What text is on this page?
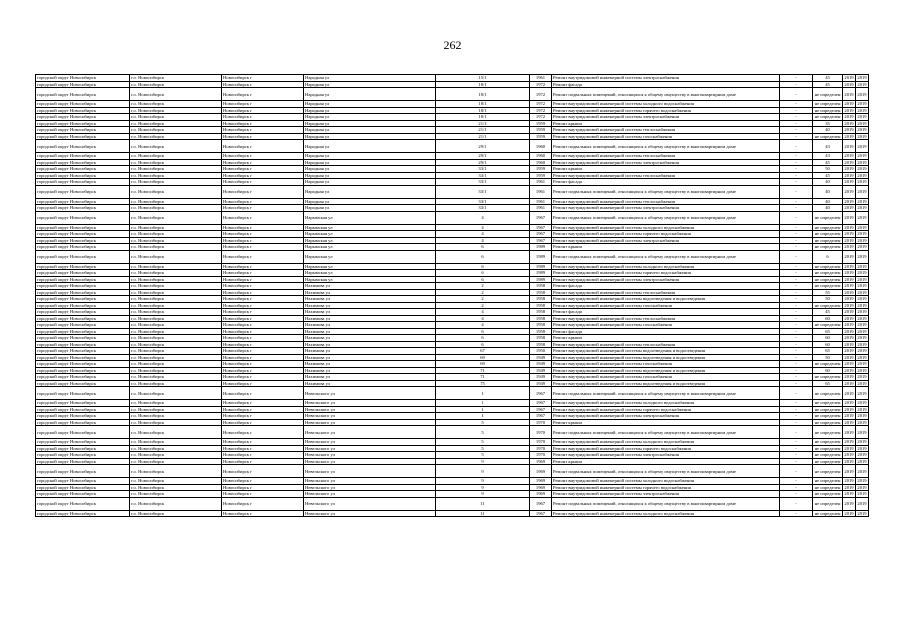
262
городской округ Новосибирск	г.о. Новосибирск	Новосибирск г	Народная ул	15/1	1961	Ремонт внутридомовой инженерной системы электроснабжения	-	45	2019	2019
городской округ Новосибирск	г.о. Новосибирск	Новосибирск г	Народная ул	18/1	1972	Ремонт фасада	-	45	2019	2019
городской округ Новосибирск	г.о. Новосибирск	Новосибирск г	Народная ул	18/1	1972	Ремонт подвальных помещений, относящихся к общему имуществу в многоквартирном доме	-	не определен	2019	2019
городской округ Новосибирск	г.о. Новосибирск	Новосибирск г	Народная ул	18/1	1972	Ремонт внутридомовой инженерной системы холодного водоснабжения	-	не определен	2019	2019
городской округ Новосибирск	г.о. Новосибирск	Новосибирск г	Народная ул	18/1	1972	Ремонт внутридомовой инженерной системы горячего водоснабжения	-	не определен	2019	2019
городской округ Новосибирск	г.о. Новосибирск	Новосибирск г	Народная ул	18/1	1972	Ремонт внутридомовой инженерной системы электроснабжения	-	не определен	2019	2019
городской округ Новосибирск	г.о. Новосибирск	Новосибирск г	Народная ул	21/1	1959	Ремонт крыши	-	35	2019	2019
городской округ Новосибирск	г.о. Новосибирск	Новосибирск г	Народная ул	21/1	1959	Ремонт внутридомовой инженерной системы теплоснабжения	-	40	2019	2019
городской округ Новосибирск	г.о. Новосибирск	Новосибирск г	Народная ул	21/1	1959	Ремонт внутридомовой инженерной системы газоснабжения	-	не определен	2019	2019
городской округ Новосибирск	г.о. Новосибирск	Новосибирск г	Народная ул	29/1	1960	Ремонт подвальных помещений, относящихся к общему имуществу в многоквартирном доме	-	43	2019	2019
городской округ Новосибирск	г.о. Новосибирск	Новосибирск г	Народная ул	29/1	1960	Ремонт внутридомовой инженерной системы теплоснабжения	-	43	2019	2019
городской округ Новосибирск	г.о. Новосибирск	Новосибирск г	Народная ул	29/1	1960	Ремонт внутридомовой инженерной системы электроснабжения	-	45	2019	2019
городской округ Новосибирск	г.о. Новосибирск	Новосибирск г	Народная ул	33/1	1959	Ремонт крыши	-	50	2019	2019
городской округ Новосибирск	г.о. Новосибирск	Новосибирск г	Народная ул	33/1	1959	Ремонт внутридомовой инженерной системы теплоснабжения	-	45	2019	2019
городской округ Новосибирск	г.о. Новосибирск	Новосибирск г	Народная ул	33/1	1961	Ремонт фасада	-	40	2019	2019
городской округ Новосибирск	г.о. Новосибирск	Новосибирск г	Народная ул	33/1	1961	Ремонт подвальных помещений, относящихся к общему имуществу в многоквартирном доме	-	40	2019	2019
городской округ Новосибирск	г.о. Новосибирск	Новосибирск г	Народная ул	33/1	1961	Ремонт внутридомовой инженерной системы теплоснабжения	-	40	2019	2019
городской округ Новосибирск	г.о. Новосибирск	Новосибирск г	Народная ул	33/1	1961	Ремонт внутридомовой инженерной системы электроснабжения	-	40	2019	2019
городской округ Новосибирск	г.о. Новосибирск	Новосибирск г	Нарымская ул	4	1967	Ремонт подвальных помещений, относящихся к общему имуществу в многоквартирном доме	-	не определен	2019	2019
городской округ Новосибирск	г.о. Новосибирск	Новосибирск г	Нарымская ул	4	1967	Ремонт внутридомовой инженерной системы холодного водоснабжения	-	не определен	2019	2019
городской округ Новосибирск	г.о. Новосибирск	Новосибирск г	Нарымская ул	4	1967	Ремонт внутридомовой инженерной системы горячего водоснабжения	-	не определен	2019	2019
городской округ Новосибирск	г.о. Новосибирск	Новосибирск г	Нарымская ул	4	1967	Ремонт внутридомовой инженерной системы электроснабжения	-	не определен	2019	2019
городской округ Новосибирск	г.о. Новосибирск	Новосибирск г	Нарымская ул	6	1989	Ремонт крыши	-	не определен	2019	2019
городской округ Новосибирск	г.о. Новосибирск	Новосибирск г	Нарымская ул	6	1989	Ремонт подвальных помещений, относящихся к общему имуществу в многоквартирном доме	-	6	2019	2019
городской округ Новосибирск	г.о. Новосибирск	Новосибирск г	Нарымская ул	6	1989	Ремонт внутридомовой инженерной системы холодного водоснабжения	-	не определен	2019	2019
городской округ Новосибирск	г.о. Новосибирск	Новосибирск г	Нарымская ул	6	1989	Ремонт внутридомовой инженерной системы горячего водоснабжения	-	не определен	2019	2019
городской округ Новосибирск	г.о. Новосибирск	Новосибирск г	Нарымская ул	6	1989	Ремонт внутридомовой инженерной системы электроснабжения	-	не определен	2019	2019
городской округ Новосибирск	г.о. Новосибирск	Новосибирск г	Нахимова ул	2	1958	Ремонт фасада	-	не определен	2019	2019
городской округ Новосибирск	г.о. Новосибирск	Новосибирск г	Нахимова ул	2	1958	Ремонт внутридомовой инженерной системы теплоснабжения	-	55	2019	2019
городской округ Новосибирск	г.о. Новосибирск	Новосибирск г	Нахимова ул	2	1958	Ремонт внутридомовой инженерной системы водоотведения и водоотведения	-	50	2019	2019
городской округ Новосибирск	г.о. Новосибирск	Новосибирск г	Нахимова ул	2	1958	Ремонт внутридомовой инженерной системы газоснабжения	-	не определен	2019	2019
городской округ Новосибирск	г.о. Новосибирск	Новосибирск г	Нахимова ул	4	1958	Ремонт фасада	-	45	2019	2019
городской округ Новосибирск	г.о. Новосибирск	Новосибирск г	Нахимова ул	4	1958	Ремонт внутридомовой инженерной системы теплоснабжения	-	60	2019	2019
городской округ Новосибирск	г.о. Новосибирск	Новосибирск г	Нахимова ул	4	1958	Ремонт внутридомовой инженерной системы газоснабжения	-	не определен	2019	2019
городской округ Новосибирск	г.о. Новосибирск	Новосибирск г	Нахимова ул	6	1958	Ремонт фасада	-	65	2019	2019
городской округ Новосибирск	г.о. Новосибирск	Новосибирск г	Нахимова ул	6	1958	Ремонт крыши	-	60	2019	2019
городской округ Новосибирск	г.о. Новосибирск	Новосибирск г	Нахимова ул	6	1958	Ремонт внутридомовой инженерной системы теплоснабжения	-	60	2019	2019
городской округ Новосибирск	г.о. Новосибирск	Новосибирск г	Нахимова ул	67	1950	Ремонт внутридомовой инженерной системы водоотведения и водоотведения	-	65	2019	2019
городской округ Новосибирск	г.о. Новосибирск	Новосибирск г	Нахимова ул	69	1949	Ремонт внутридомовой инженерной системы водоотведения и водоотведения	-	50	2019	2019
городской округ Новосибирск	г.о. Новосибирск	Новосибирск г	Нахимова ул	69	1949	Ремонт внутридомовой инженерной системы газоснабжения	-	не определен	2019	2019
городской округ Новосибирск	г.о. Новосибирск	Новосибирск г	Нахимова ул	71	1949	Ремонт внутридомовой инженерной системы водоотведения и водоотведения	-	60	2019	2019
городской округ Новосибирск	г.о. Новосибирск	Новосибирск г	Нахимова ул	71	1949	Ремонт внутридомовой инженерной системы газоснабжения	-	не определен	2019	2019
городской округ Новосибирск	г.о. Новосибирск	Новосибирск г	Нахимова ул	75	1949	Ремонт внутридомовой инженерной системы водоотведения и водоотведения	-	65	2019	2019
городской округ Новосибирск	г.о. Новосибирск	Новосибирск г	Невельского ул	1	1967	Ремонт подвальных помещений, относящихся к общему имуществу в многоквартирном доме	-	не определен	2019	2019
городской округ Новосибирск	г.о. Новосибирск	Новосибирск г	Невельского ул	1	1967	Ремонт внутридомовой инженерной системы холодного водоснабжения	-	не определен	2019	2019
городской округ Новосибирск	г.о. Новосибирск	Новосибирск г	Невельского ул	1	1967	Ремонт внутридомовой инженерной системы горячего водоснабжения	-	не определен	2019	2019
городской округ Новосибирск	г.о. Новосибирск	Новосибирск г	Невельского ул	1	1967	Ремонт внутридомовой инженерной системы электроснабжения	-	не определен	2019	2019
городской округ Новосибирск	г.о. Новосибирск	Новосибирск г	Невельского ул	5	1970	Ремонт крыши	-	не определен	2019	2019
городской округ Новосибирск	г.о. Новосибирск	Новосибирск г	Невельского ул	5	1970	Ремонт подвальных помещений, относящихся к общему имуществу в многоквартирном доме	-	не определен	2019	2019
городской округ Новосибирск	г.о. Новосибирск	Новосибирск г	Невельского ул	5	1970	Ремонт внутридомовой инженерной системы холодного водоснабжения	-	не определен	2019	2019
городской округ Новосибирск	г.о. Новосибирск	Новосибирск г	Невельского ул	5	1970	Ремонт внутридомовой инженерной системы горячего водоснабжения	-	не определен	2019	2019
городской округ Новосибирск	г.о. Новосибирск	Новосибирск г	Невельского ул	5	1970	Ремонт внутридомовой инженерной системы электроснабжения	-	не определен	2019	2019
городской округ Новосибирск	г.о. Новосибирск	Новосибирск г	Невельского ул	9	1969	Ремонт крыши	-	не определен	2019	2019
городской округ Новосибирск	г.о. Новосибирск	Новосибирск г	Невельского ул	9	1969	Ремонт подвальных помещений, относящихся к общему имуществу в многоквартирном доме	-	не определен	2019	2019
городской округ Новосибирск	г.о. Новосибирск	Новосибирск г	Невельского ул	9	1969	Ремонт внутридомовой инженерной системы холодного водоснабжения	-	не определен	2019	2019
городской округ Новосибирск	г.о. Новосибирск	Новосибирск г	Невельского ул	9	1969	Ремонт внутридомовой инженерной системы горячего водоснабжения	-	не определен	2019	2019
городской округ Новосибирск	г.о. Новосибирск	Новосибирск г	Невельского ул	9	1969	Ремонт внутридомовой инженерной системы электроснабжения	-	не определен	2019	2019
городской округ Новосибирск	г.о. Новосибирск	Новосибирск г	Невельского ул	11	1967	Ремонт подвальных помещений, относящихся к общему имуществу в многоквартирном доме	-	не определен	2019	2019
городской округ Новосибирск	г.о. Новосибирск	Новосибирск г	Невельского ул	11	1967	Ремонт внутридомовой инженерной системы холодного водоснабжения	-	не определен	2019	2019
